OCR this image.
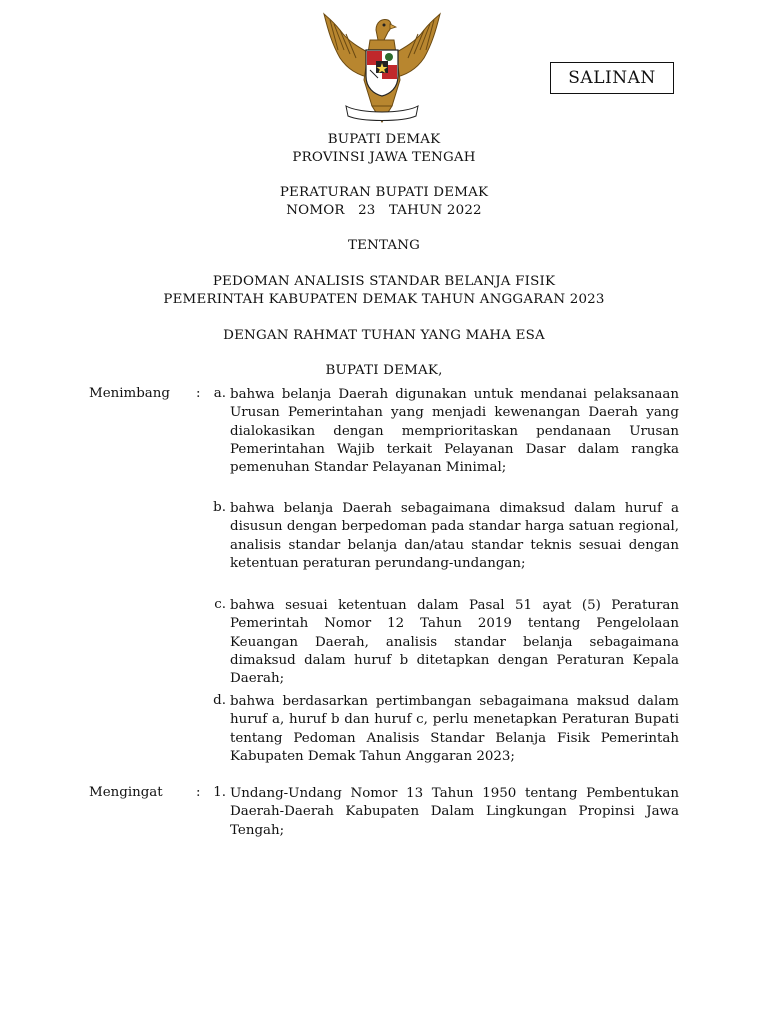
SALINAN
BUPATI DEMAK
PROVINSI JAWA TENGAH
PERATURAN BUPATI DEMAK
NOMOR   23   TAHUN 2022
TENTANG
PEDOMAN ANALISIS STANDAR BELANJA FISIK
PEMERINTAH KABUPATEN DEMAK TAHUN ANGGARAN 2023
DENGAN RAHMAT TUHAN YANG MAHA ESA
BUPATI DEMAK,
Menimbang : a. bahwa belanja Daerah digunakan untuk mendanai pelaksanaan Urusan Pemerintahan yang menjadi kewenangan Daerah yang dialokasikan dengan memprioritaskan pendanaan Urusan Pemerintahan Wajib terkait Pelayanan Dasar dalam rangka pemenuhan Standar Pelayanan Minimal;
b. bahwa belanja Daerah sebagaimana dimaksud dalam huruf a disusun dengan berpedoman pada standar harga satuan regional, analisis standar belanja dan/atau standar teknis sesuai dengan ketentuan peraturan perundang-undangan;
c. bahwa sesuai ketentuan dalam Pasal 51 ayat (5) Peraturan Pemerintah Nomor 12 Tahun 2019 tentang Pengelolaan Keuangan Daerah, analisis standar belanja sebagaimana dimaksud dalam huruf b ditetapkan dengan Peraturan Kepala Daerah;
d. bahwa berdasarkan pertimbangan sebagaimana maksud dalam huruf a, huruf b dan huruf c, perlu menetapkan Peraturan Bupati tentang Pedoman Analisis Standar Belanja Fisik Pemerintah Kabupaten Demak Tahun Anggaran 2023;
Mengingat : 1. Undang-Undang Nomor 13 Tahun 1950 tentang Pembentukan Daerah-Daerah Kabupaten Dalam Lingkungan Propinsi Jawa Tengah;
